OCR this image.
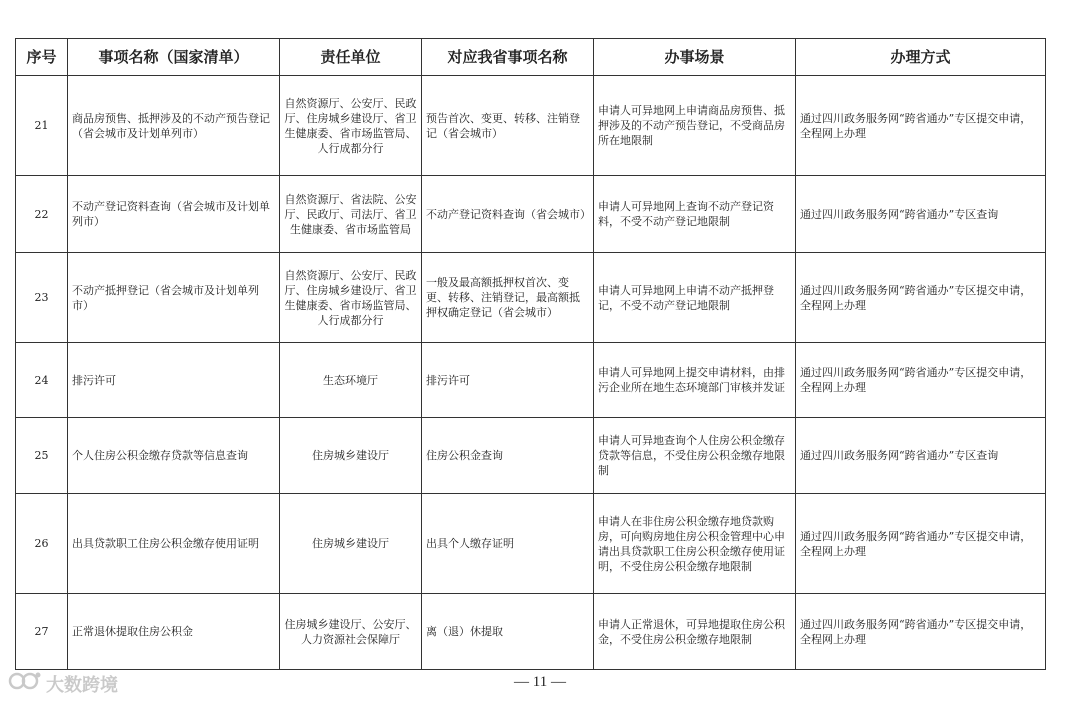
序号	事项名称（国家清单）	责任单位	对应我省事项名称	办事场景	办理方式
21	商品房预售、抵押涉及的不动产预告登记（省会城市及计划单列市）	自然资源厅、公安厅、民政厅、住房城乡建设厅、省卫生健康委、省市场监管局、人行成都分行	预告首次、变更、转移、注销登记（省会城市）	申请人可异地网上申请商品房预售、抵押涉及的不动产预告登记，不受商品房所在地限制	通过四川政务服务网“跨省通办”专区提交申请，全程网上办理
22	不动产登记资料查询（省会城市及计划单列市）	自然资源厅、省法院、公安厅、民政厅、司法厅、省卫生健康委、省市场监管局	不动产登记资料查询（省会城市）	申请人可异地网上查询不动产登记资料，不受不动产登记地限制	通过四川政务服务网“跨省通办”专区查询
23	不动产抵押登记（省会城市及计划单列市）	自然资源厅、公安厅、民政厅、住房城乡建设厅、省卫生健康委、省市场监管局、人行成都分行	一般及最高额抵押权首次、变更、转移、注销登记，最高额抵押权确定登记（省会城市）	申请人可异地网上申请不动产抵押登记，不受不动产登记地限制	通过四川政务服务网“跨省通办”专区提交申请，全程网上办理
24	排污许可	生态环境厅	排污许可	申请人可异地网上提交申请材料，由排污企业所在地生态环境部门审核并发证	通过四川政务服务网“跨省通办”专区提交申请，全程网上办理
25	个人住房公积金缴存贷款等信息查询	住房城乡建设厅	住房公积金查询	申请人可异地查询个人住房公积金缴存贷款等信息，不受住房公积金缴存地限制	通过四川政务服务网“跨省通办”专区查询
26	出具贷款职工住房公积金缴存使用证明	住房城乡建设厅	出具个人缴存证明	申请人在非住房公积金缴存地贷款购房，可向购房地住房公积金管理中心申请出具贷款职工住房公积金缴存使用证明，不受住房公积金缴存地限制	通过四川政务服务网“跨省通办”专区提交申请，全程网上办理
27	正常退休提取住房公积金	住房城乡建设厅、公安厅、人力资源社会保障厅	离（退）休提取	申请人正常退休，可异地提取住房公积金，不受住房公积金缴存地限制	通过四川政务服务网“跨省通办”专区提交申请，全程网上办理
大数跨境	— 11 —
